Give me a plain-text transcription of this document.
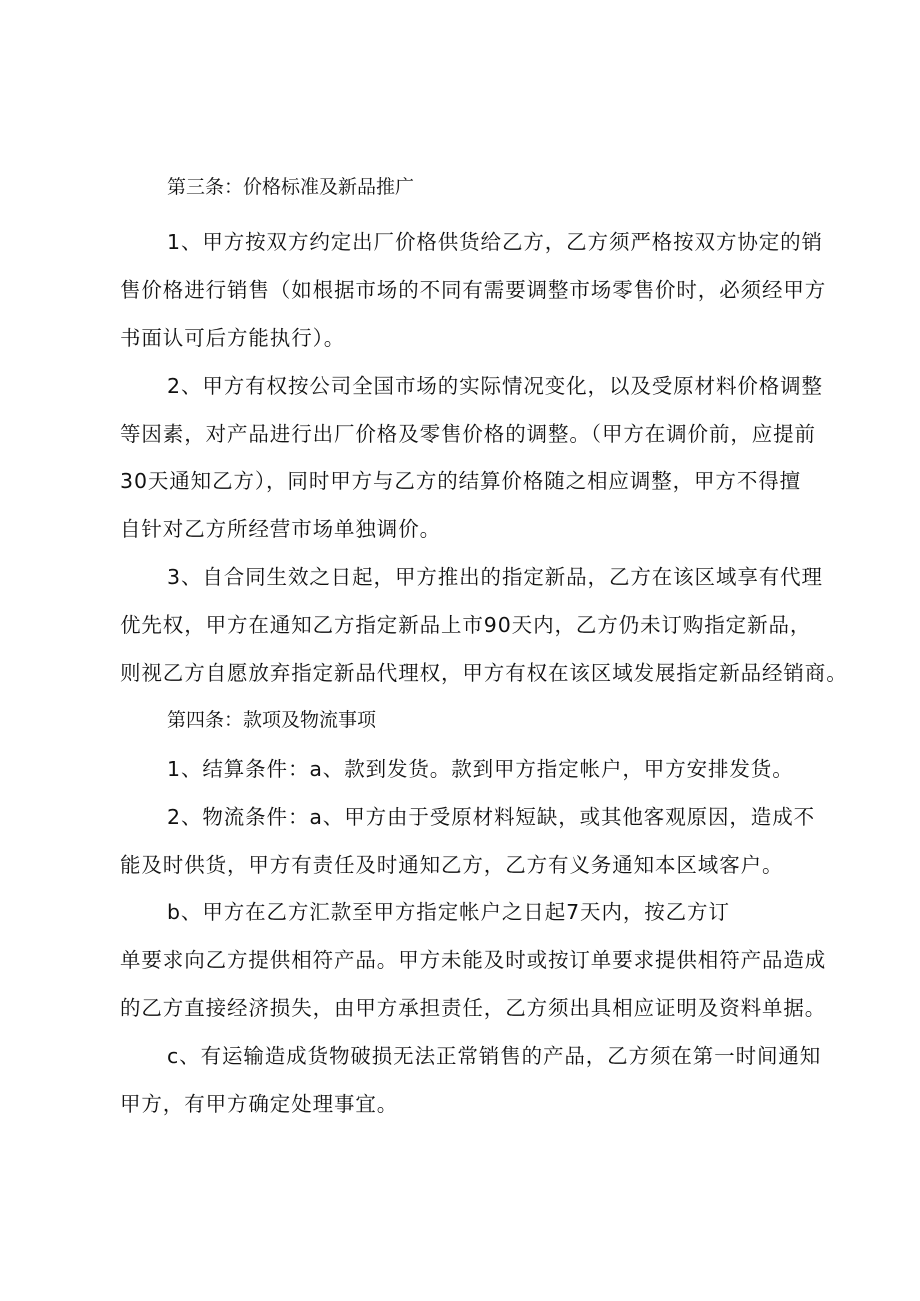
第三条：价格标准及新品推广
1、甲方按双方约定出厂价格供货给乙方，乙方须严格按双方协定的销
售价格进行销售（如根据市场的不同有需要调整市场零售价时，必须经甲方
书面认可后方能执行）。
2、甲方有权按公司全国市场的实际情况变化，以及受原材料价格调整
等因素，对产品进行出厂价格及零售价格的调整。（甲方在调价前，应提前
30天通知乙方），同时甲方与乙方的结算价格随之相应调整，甲方不得擅
自针对乙方所经营市场单独调价。
3、自合同生效之日起，甲方推出的指定新品，乙方在该区域享有代理
优先权，甲方在通知乙方指定新品上市90天内，乙方仍未订购指定新品，
则视乙方自愿放弃指定新品代理权，甲方有权在该区域发展指定新品经销商。
第四条：款项及物流事项
1、结算条件：a、款到发货。款到甲方指定帐户，甲方安排发货。
2、物流条件：a、甲方由于受原材料短缺，或其他客观原因，造成不
能及时供货，甲方有责任及时通知乙方，乙方有义务通知本区域客户。
b、甲方在乙方汇款至甲方指定帐户之日起7天内，按乙方订
单要求向乙方提供相符产品。甲方未能及时或按订单要求提供相符产品造成
的乙方直接经济损失，由甲方承担责任，乙方须出具相应证明及资料单据。
c、有运输造成货物破损无法正常销售的产品，乙方须在第一时间通知
甲方，有甲方确定处理事宜。
